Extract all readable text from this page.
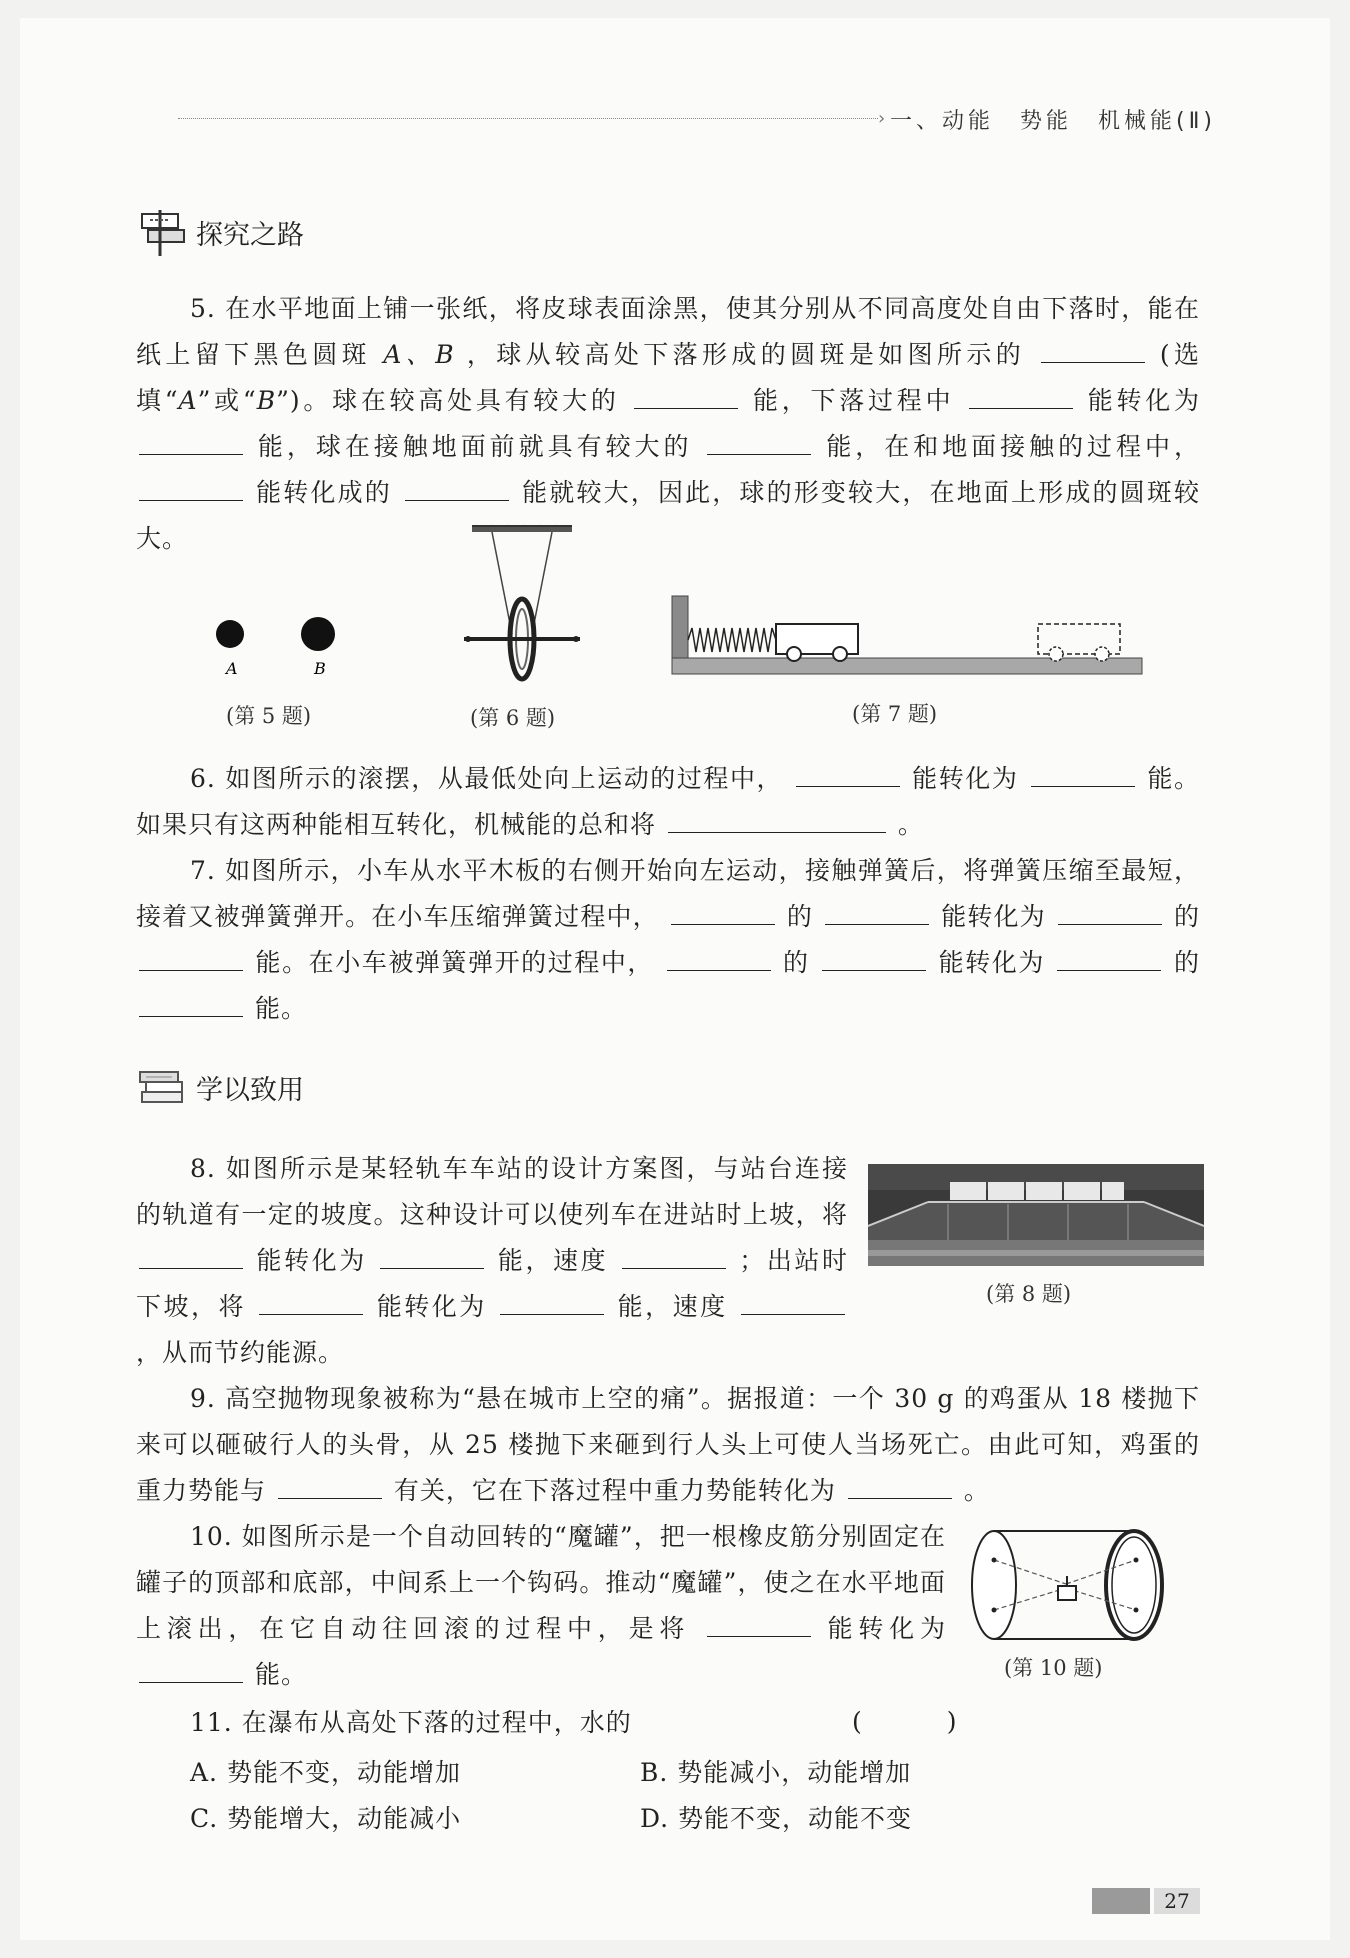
› 一、动能　势能　机械能(Ⅱ)
探究之路

5. 在水平地面上铺一张纸，将皮球表面涂黑，使其分别从不同高度处自由下落时，能在纸上留下黑色圆斑 A、B ，球从较高处下落形成的圆斑是如图所示的	(选填“A”或“B”)。球在较高处具有较大的	能，下落过程中	能转化为  能，球在接触地面前就具有较大的	能，在和地面接触的过程中，  能转化成的	能就较大，因此，球的形变较大，在地面上形成的圆斑较大。

A	B
(第 5 题)	(第 6 题)	(第 7 题)

6. 如图所示的滚摆，从最低处向上运动的过程中，	能转化为	能。如果只有这两种能相互转化，机械能的总和将	。

7. 如图所示，小车从水平木板的右侧开始向左运动，接触弹簧后，将弹簧压缩至最短，接着又被弹簧弹开。在小车压缩弹簧过程中，	的	能转化为	的  能。在小车被弹簧弹开的过程中，	的	能转化为	的  能。

学以致用

8. 如图所示是某轻轨车车站的设计方案图，与站台连接的轨道有一定的坡度。这种设计可以使列车在进站时上坡，将  能转化为	能，速度	；出站时下坡，将	能转化为	能，速度  ，从而节约能源。

(第 8 题)

9. 高空抛物现象被称为“悬在城市上空的痛”。据报道：一个 30 g 的鸡蛋从 18 楼抛下来可以砸破行人的头骨，从 25 楼抛下来砸到行人头上可使人当场死亡。由此可知，鸡蛋的重力势能与	有关，它在下落过程中重力势能转化为	。

10. 如图所示是一个自动回转的“魔罐”，把一根橡皮筋分别固定在罐子的顶部和底部，中间系上一个钩码。推动“魔罐”，使之在水平地面上滚出，在它自动往回滚的过程中，是将	能转化为  能。	(第 10 题)

11. 在瀑布从高处下落的过程中，水的	(　)
A. 势能不变，动能增加	B. 势能减小，动能增加
C. 势能增大，动能减小	D. 势能不变，动能不变
27
